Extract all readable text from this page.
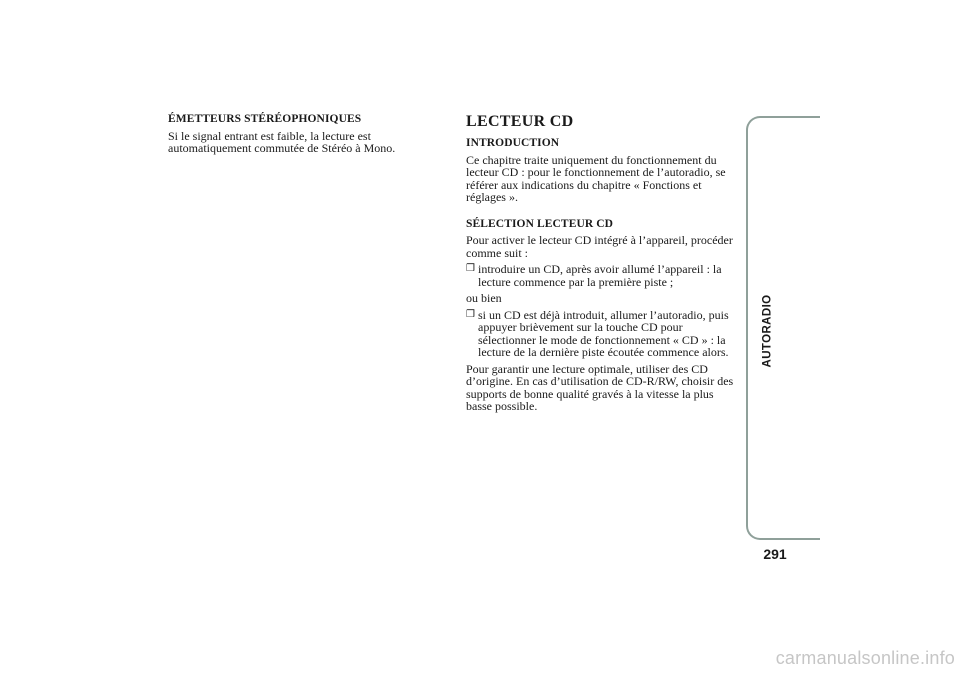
ÉMETTEURS STÉRÉOPHONIQUES
Si le signal entrant est faible, la lecture est automatiquement commutée de Stéréo à Mono.
LECTEUR CD
INTRODUCTION
Ce chapitre traite uniquement du fonctionnement du lecteur CD : pour le fonctionnement de l’autoradio, se référer aux indications du chapitre « Fonctions et réglages ».
SÉLECTION LECTEUR CD
Pour activer le lecteur CD intégré à l’appareil, procéder comme suit :
❒ introduire un CD, après avoir allumé l’appareil : la lecture commence par la première piste ;
ou bien
❒ si un CD est déjà introduit, allumer l’autoradio, puis appuyer brièvement sur la touche CD pour sélectionner le mode de fonctionnement « CD » : la lecture de la dernière piste écoutée commence alors.
Pour garantir une lecture optimale, utiliser des CD d’origine. En cas d’utilisation de CD-R/RW, choisir des supports de bonne qualité gravés à la vitesse la plus basse possible.
AUTORADIO
291
carmanualsonline.info
